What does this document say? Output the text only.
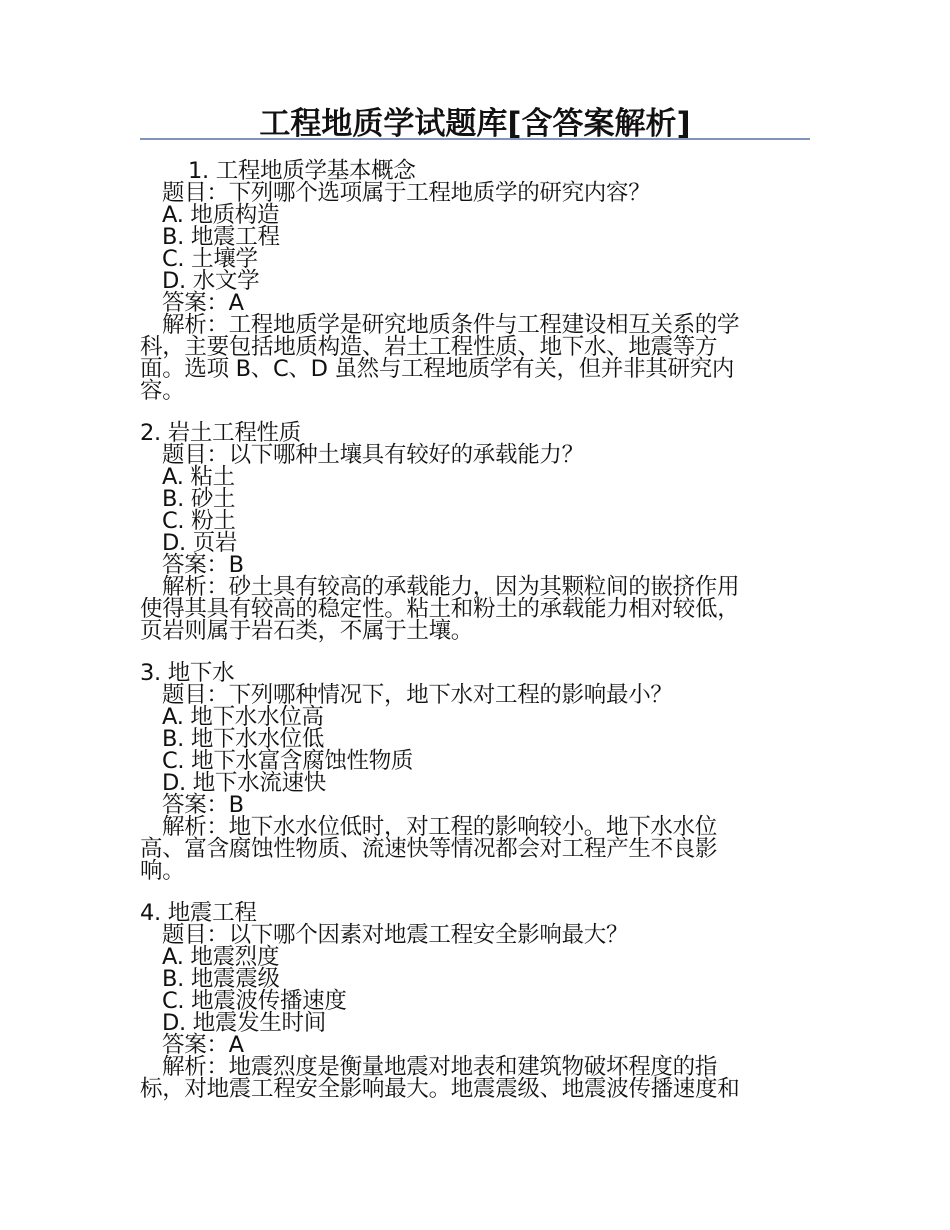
工程地质学试题库[含答案解析]
1. 工程地质学基本概念
题目：下列哪个选项属于工程地质学的研究内容？
A. 地质构造
B. 地震工程
C. 土壤学
D. 水文学
答案：A
解析：工程地质学是研究地质条件与工程建设相互关系的学
科，主要包括地质构造、岩土工程性质、地下水、地震等方
面。选项 B、C、D 虽然与工程地质学有关，但并非其研究内
容。
2. 岩土工程性质
题目：以下哪种土壤具有较好的承载能力？
A. 粘土
B. 砂土
C. 粉土
D. 页岩
答案：B
解析：砂土具有较高的承载能力，因为其颗粒间的嵌挤作用
使得其具有较高的稳定性。粘土和粉土的承载能力相对较低，
页岩则属于岩石类，不属于土壤。
3. 地下水
题目：下列哪种情况下，地下水对工程的影响最小？
A. 地下水水位高
B. 地下水水位低
C. 地下水富含腐蚀性物质
D. 地下水流速快
答案：B
解析：地下水水位低时，对工程的影响较小。地下水水位
高、富含腐蚀性物质、流速快等情况都会对工程产生不良影
响。
4. 地震工程
题目：以下哪个因素对地震工程安全影响最大？
A. 地震烈度
B. 地震震级
C. 地震波传播速度
D. 地震发生时间
答案：A
解析：地震烈度是衡量地震对地表和建筑物破坏程度的指
标，对地震工程安全影响最大。地震震级、地震波传播速度和
